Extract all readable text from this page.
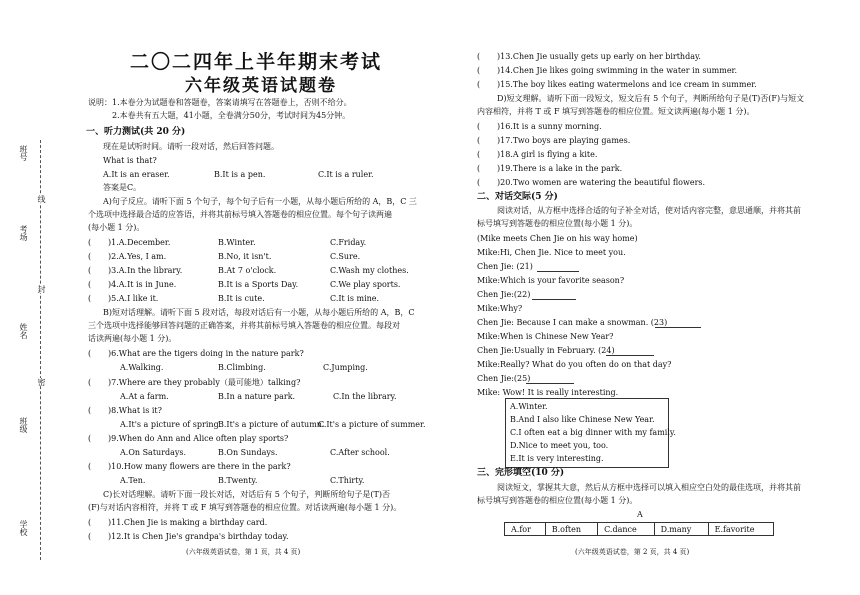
班号
考场
姓名
班级
学校
线
封
密
二〇二四年上半年期末考试
六年级英语试题卷
说明：1.本卷分为试题卷和答题卷，答案请填写在答题卷上，否则不给分。
2.本卷共有五大题，41小题，全卷满分50分，考试时间为45分钟。
一、听力测试(共 20 分)
现在是试听时间。请听一段对话，然后回答问题。
What is that?
A.It is an eraser.	B.It is a pen.	C.It is a ruler.
答案是C。
A)句子反应。请听下面 5 个句子，每个句子后有一小题，从每小题后所给的 A，B，C 三
个选项中选择最合适的应答语，并将其前标号填入答题卷的相应位置。每个句子读两遍
(每小题 1 分)。
( )1.A.December.	B.Winter.	C.Friday.
( )2.A.Yes, I am.	B.No, it isn't.	C.Sure.
( )3.A.In the library.	B.At 7 o'clock.	C.Wash my clothes.
( )4.A.It is in June.	B.It is a Sports Day.	C.We play sports.
( )5.A.I like it.	B.It is cute.	C.It is mine.
B)短对话理解。请听下面 5 段对话，每段对话后有一小题，从每小题后所给的 A，B，C
三个选项中选择能够回答问题的正确答案，并将其前标号填入答题卷的相应位置。每段对
话读两遍(每小题 1 分)。
( )6.What are the tigers doing in the nature park?
A.Walking.	B.Climbing.	C.Jumping.
( )7.Where are they probably（最可能地）talking?
A.At a farm.	B.In a nature park.	C.In the library.
( )8.What is it?
A.It's a picture of spring.
B.It's a picture of autumn.
C.It's a picture of summer.
( )9.When do Ann and Alice often play sports?
A.On Saturdays.	B.On Sundays.	C.After school.
( )10.How many flowers are there in the park?
A.Ten.	B.Twenty.	C.Thirty.
C)长对话理解。请听下面一段长对话，对话后有 5 个句子，判断所给句子是(T)否
(F)与对话内容相符，并将 T 或 F 填写到答题卷的相应位置。对话读两遍(每小题 1 分)。
( )11.Chen Jie is making a birthday card.
( )12.It is Chen Jie's grandpa's birthday today.
(六年级英语试卷，第 1 页，共 4 页)
( )13.Chen Jie usually gets up early on her birthday.
( )14.Chen Jie likes going swimming in the water in summer.
( )15.The boy likes eating watermelons and ice cream in summer.
D)短文理解。请听下面一段短文，短文后有 5 个句子，判断所给句子是(T)否(F)与短文
内容相符，并将 T 或 F 填写到答题卷的相应位置。短文读两遍(每小题 1 分)。
( )16.It is a sunny morning.
( )17.Two boys are playing games.
( )18.A girl is flying a kite.
( )19.There is a lake in the park.
( )20.Two women are watering the beautiful flowers.
二、对话交际(5 分)
阅读对话，从方框中选择合适的句子补全对话，使对话内容完整，意思通顺，并将其前
标号填写到答题卷的相应位置(每小题 1 分)。
(Mike meets Chen Jie on his way home)
Mike:Hi, Chen Jie. Nice to meet you.
Chen Jie: (21)
Mike:Which is your favorite season?
Chen Jie:(22)
Mike:Why?
Chen Jie: Because I can make a snowman. (23)
Mike:When is Chinese New Year?
Chen Jie:Usually in February. (24)
Mike:Really? What do you often do on that day?
Chen Jie:(25)
Mike: Wow! It is really interesting.
A.Winter.
B.And I also like Chinese New Year.
C.I often eat a big dinner with my family.
D.Nice to meet you, too.
E.It is very interesting.
三、完形填空(10 分)
阅读短文，掌握其大意，然后从方框中选择可以填入相应空白处的最佳选项，并将其前
标号填写到答题卷的相应位置(每小题 1 分)。
A
A.for	B.often	C.dance	D.many	E.favorite
(六年级英语试卷，第 2 页，共 4 页)
